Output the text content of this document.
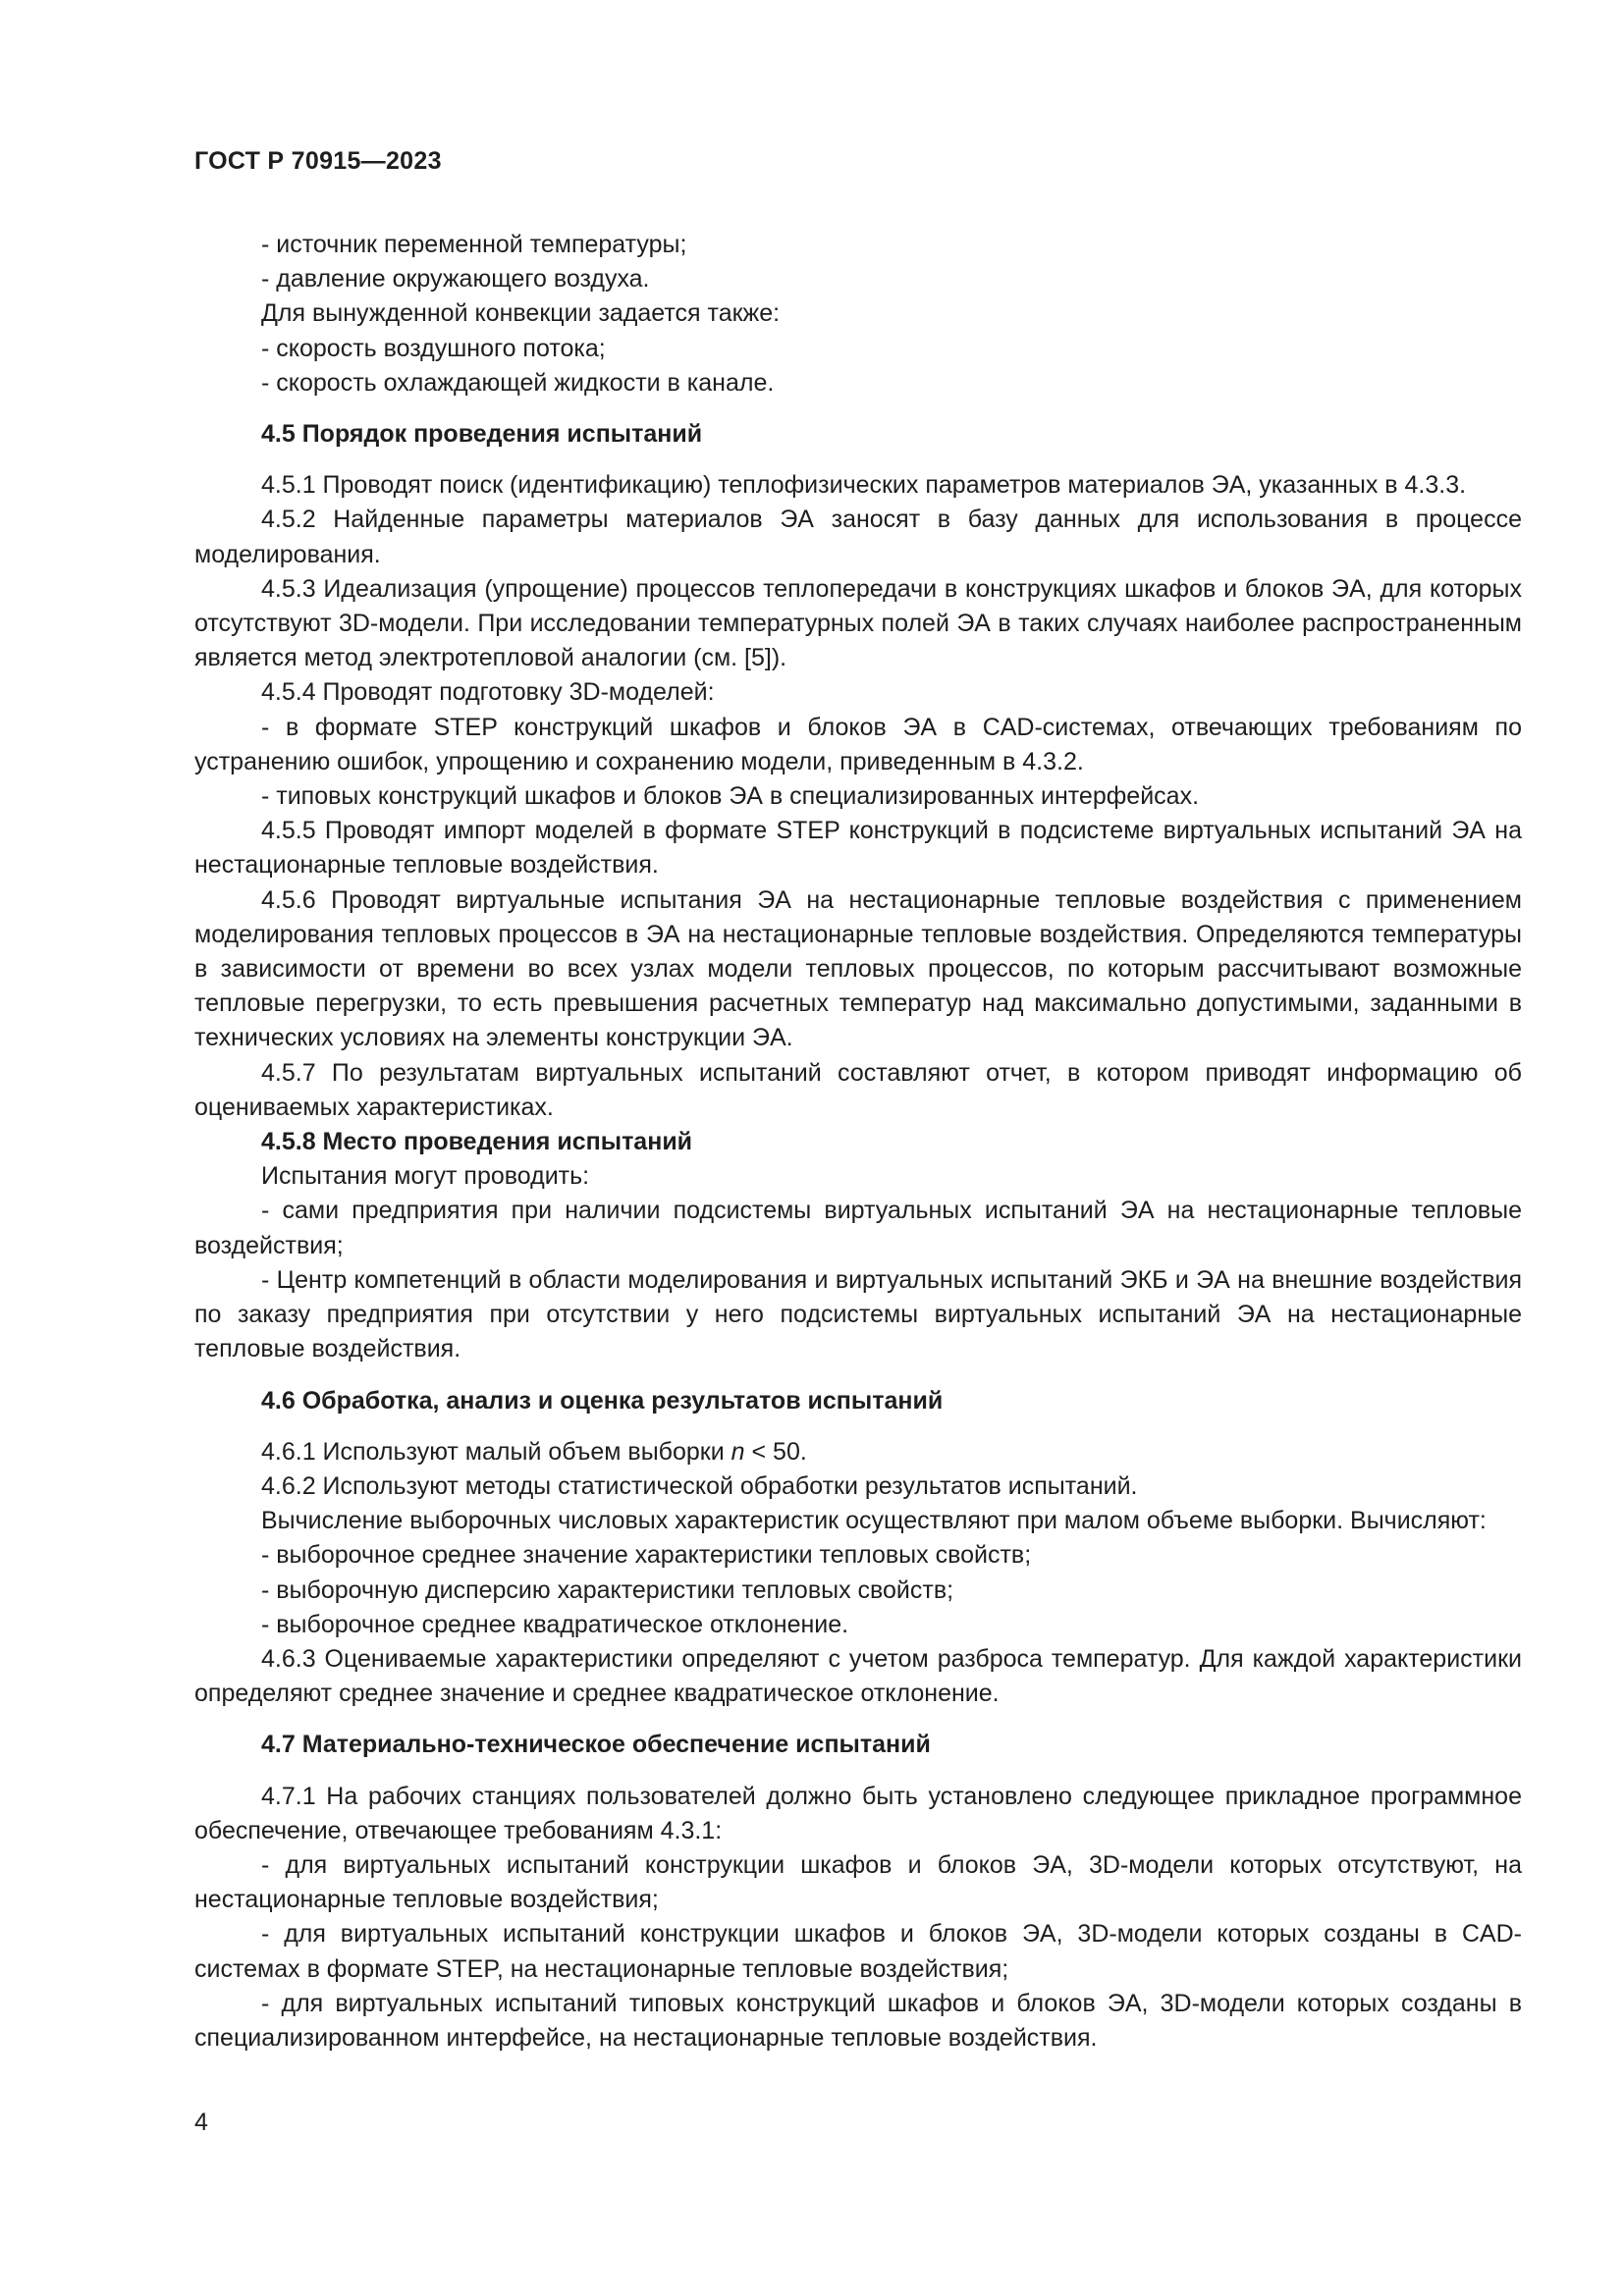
ГОСТ Р 70915—2023

- источник переменной температуры;

- давление окружающего воздуха.

Для вынужденной конвекции задается также:

- скорость воздушного потока;

- скорость охлаждающей жидкости в канале.

4.5 Порядок проведения испытаний

4.5.1 Проводят поиск (идентификацию) теплофизических параметров материалов ЭА, указанных в 4.3.3.

4.5.2 Найденные параметры материалов ЭА заносят в базу данных для использования в процессе моделирования.

4.5.3 Идеализация (упрощение) процессов теплопередачи в конструкциях шкафов и блоков ЭА, для которых отсутствуют 3D-модели. При исследовании температурных полей ЭА в таких случаях наиболее распространенным является метод электротепловой аналогии (см. [5]).

4.5.4 Проводят подготовку 3D-моделей:

- в формате STEP конструкций шкафов и блоков ЭА в CAD-системах, отвечающих требованиям по устранению ошибок, упрощению и сохранению модели, приведенным в 4.3.2.

- типовых конструкций шкафов и блоков ЭА в специализированных интерфейсах.

4.5.5 Проводят импорт моделей в формате STEP конструкций в подсистеме виртуальных испытаний ЭА на нестационарные тепловые воздействия.

4.5.6 Проводят виртуальные испытания ЭА на нестационарные тепловые воздействия с применением моделирования тепловых процессов в ЭА на нестационарные тепловые воздействия. Определяются температуры в зависимости от времени во всех узлах модели тепловых процессов, по которым рассчитывают возможные тепловые перегрузки, то есть превышения расчетных температур над максимально допустимыми, заданными в технических условиях на элементы конструкции ЭА.

4.5.7 По результатам виртуальных испытаний составляют отчет, в котором приводят информацию об оцениваемых характеристиках.

4.5.8 Место проведения испытаний

Испытания могут проводить:

- сами предприятия при наличии подсистемы виртуальных испытаний ЭА на нестационарные тепловые воздействия;

- Центр компетенций в области моделирования и виртуальных испытаний ЭКБ и ЭА на внешние воздействия по заказу предприятия при отсутствии у него подсистемы виртуальных испытаний ЭА на нестационарные тепловые воздействия.

4.6 Обработка, анализ и оценка результатов испытаний

4.6.1 Используют малый объем выборки n < 50.

4.6.2 Используют методы статистической обработки результатов испытаний.

Вычисление выборочных числовых характеристик осуществляют при малом объеме выборки. Вычисляют:

- выборочное среднее значение характеристики тепловых свойств;

- выборочную дисперсию характеристики тепловых свойств;

- выборочное среднее квадратическое отклонение.

4.6.3 Оцениваемые характеристики определяют с учетом разброса температур. Для каждой характеристики определяют среднее значение и среднее квадратическое отклонение.

4.7 Материально-техническое обеспечение испытаний

4.7.1 На рабочих станциях пользователей должно быть установлено следующее прикладное программное обеспечение, отвечающее требованиям 4.3.1:

- для виртуальных испытаний конструкции шкафов и блоков ЭА, 3D-модели которых отсутствуют, на нестационарные тепловые воздействия;

- для виртуальных испытаний конструкции шкафов и блоков ЭА, 3D-модели которых созданы в CAD-системах в формате STEP, на нестационарные тепловые воздействия;

- для виртуальных испытаний типовых конструкций шкафов и блоков ЭА, 3D-модели которых созданы в специализированном интерфейсе, на нестационарные тепловые воздействия.

4
